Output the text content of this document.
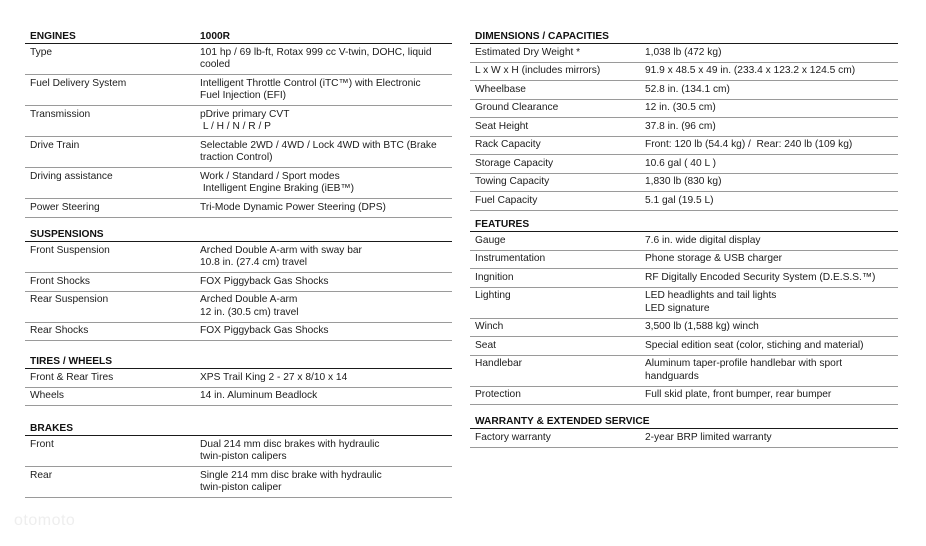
ENGINES	1000R
Type	101 hp / 69 lb-ft, Rotax 999 cc V-twin, DOHC, liquid
cooled
Fuel Delivery System	Intelligent Throttle Control (iTC™) with Electronic
Fuel Injection (EFI)
Transmission	pDrive primary CVT
L / H / N / R / P
Drive Train	Selectable 2WD / 4WD / Lock 4WD with BTC (Brake
traction Control)
Driving assistance	Work / Standard / Sport modes
Intelligent Engine Braking (iEB™)
Power Steering	Tri-Mode Dynamic Power Steering (DPS)
SUSPENSIONS
Front Suspension	Arched Double A-arm with sway bar
10.8 in. (27.4 cm) travel
Front Shocks	FOX Piggyback Gas Shocks
Rear Suspension	Arched Double A-arm
12 in. (30.5 cm) travel
Rear Shocks	FOX Piggyback Gas Shocks
TIRES / WHEELS
Front & Rear Tires	XPS Trail King 2 - 27 x 8/10 x 14
Wheels	14 in. Aluminum Beadlock
BRAKES
Front	Dual 214 mm disc brakes with hydraulic
twin-piston calipers
Rear	Single 214 mm disc brake with hydraulic
twin-piston caliper
DIMENSIONS / CAPACITIES
Estimated Dry Weight *	1,038 lb (472 kg)
L x W x H (includes mirrors)	91.9 x 48.5 x 49 in. (233.4 x 123.2 x 124.5 cm)
Wheelbase	52.8 in. (134.1 cm)
Ground Clearance	12 in. (30.5 cm)
Seat Height	37.8 in. (96 cm)
Rack Capacity	Front: 120 lb (54.4 kg) /  Rear: 240 lb (109 kg)
Storage Capacity	10.6 gal ( 40 L )
Towing Capacity	1,830 lb (830 kg)
Fuel Capacity	5.1 gal (19.5 L)
FEATURES
Gauge	7.6 in. wide digital display
Instrumentation	Phone storage & USB charger
Ingnition	RF Digitally Encoded Security System (D.E.S.S.™)
Lighting	LED headlights and tail lights
LED signature
Winch	3,500 lb (1,588 kg) winch
Seat	Special edition seat (color, stiching and material)
Handlebar	Aluminum taper-profile handlebar with sport
handguards
Protection	Full skid plate, front bumper, rear bumper
WARRANTY & EXTENDED SERVICE
Factory warranty	2-year BRP limited warranty
otomoto
